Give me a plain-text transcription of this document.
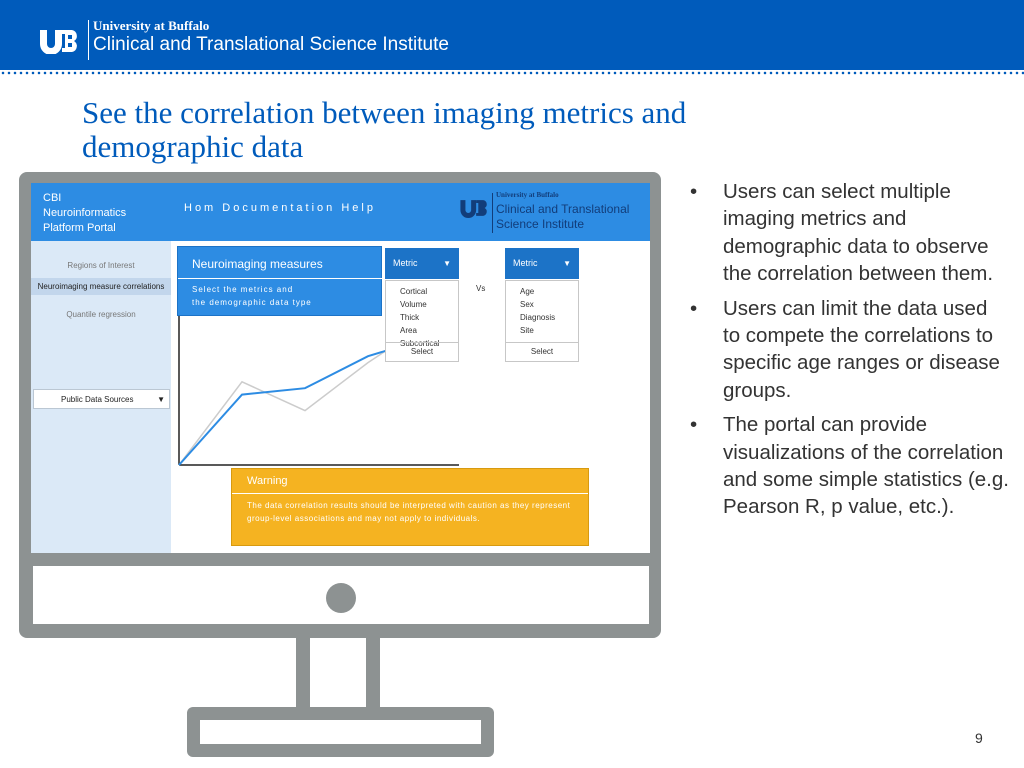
University at Buffalo
Clinical and Translational Science Institute
See the correlation between imaging metrics and
demographic data
CBI
Neuroinformatics
Platform Portal
Hom Documentation Help
University at Buffalo
Clinical and Translational Science Institute
Regions of Interest
Neuroimaging measure correlations
Quantile regression
Public Data Sources	▼
Neuroimaging measures
Select the metrics and
the demographic data type
Metric	▼
Cortical
Volume
Thick
Area
Subcortical
Select
Vs
Metric	▼
Age
Sex
Diagnosis
Site
Select
Warning
The data correlation results should be interpreted with caution as they represent group-level associations and may not apply to individuals.
• Users can select multiple imaging metrics and demographic data to observe the correlation between them.
• Users can limit the data used to compete the correlations to specific age ranges or disease groups.
• The portal can provide visualizations of the correlation and some simple statistics (e.g. Pearson R, p value, etc.).
9
